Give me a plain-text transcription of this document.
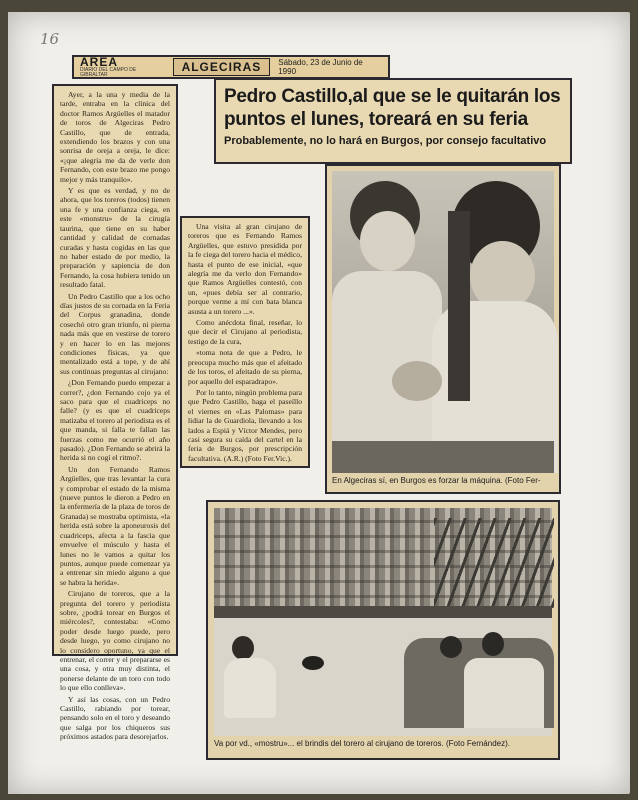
16
AREA
DIARIO DEL CAMPO DE GIBRALTAR
ALGECIRAS	Sábado, 23 de Junio de 1990
Pedro Castillo,al que se le quitarán los puntos el lunes, toreará en su feria
Probablemente, no lo hará en Burgos, por consejo facultativo

Ayer, a la una y media de la tarde, entraba en la clínica del doctor Ramos Argüelles el matador de toros de Algeciras Pedro Castillo, que de entrada, extendiendo los brazos y con una sonrisa de oreja a oreja, le dice: «¡que alegría me da de verle don Fernando, con este brazo me pongo mejor y más tranquilo».

Y es que es verdad, y no de ahora, que los toreros (todos) tienen una fe y una confianza ciega, en este «monstru» de la cirugía taurina, que tiene en su haber cantidad y calidad de cornadas curadas y hasta cogidas en las que no haber estado de por medio, la preparación y sapiencia de don Fernando, la cosa hubiera tenido un resultado fatal.

Un Pedro Castillo que a los ocho días justos de su cornada en la Feria del Corpus granadina, donde cosechó otro gran triunfo, ni pierna nada más que en vestirse de torero y en hacer lo en las mejores condiciones físicas, ya que mentalizado está a tope, y de ahí sus continuas preguntas al cirujano:

¿Don Fernando puedo empezar a correr?, ¿don Fernando cojo ya el saco para que el cuadriceps no falle? (y es que el cuadriceps matizaba el torero al periodista es el que manda, si falla te fallan las fuerzas como me ocurrió el año pasado). ¿Don Fernando se abrirá la herida si no cogí el ritmo?.

Un don Fernando Ramos Argüelles, que tras levantar la cura y comprobar el estado de la misma (nueve puntos le dieron a Pedro en la enfermería de la plaza de toros de Granada) se mostraba optimista, «la herida está sobre la aponeurosis del cuadriceps, afecta a la fascia que envuelve el músculo y hasta el lunes no le vamos a quitar los puntos, aunque puede comenzar ya a entrenar sin miedo alguno a que se habra la herida».

Cirujano de toreros, que a la pregunta del torero y periodista sobre, ¿podrá torear en Burgos el miércoles?, contestaba: «Como poder desde luego puede, pero desde luego, yo como cirujano no lo considero oportuno, ya que el entrenar, el correr y el prepararse es una cosa, y otra muy distinta, el ponerse delante de un toro con todo lo que ello conlleva».

Y así las cosas, con un Pedro Castillo, rabiando por torear, pensando solo en el toro y deseando que salga por los chiqueros sus próximos astados para desorejarlos.

Una visita al gran cirujano de toreros que es Fernando Ramos Argüelles, que estuvo presidida por la fe ciega del torero hacia el médico, hasta el punto de ese inicial, «que alegría me da verlo don Fernando» que Ramos Argüelles contestó, con un, «pues debía ser al contrario, porque verme a mí con bata blanca asusta a un torero ...».

Como anécdota final, reseñar, lo que decir el Cirujano al periodista, testigo de la cura,

«toma nota de que a Pedro, le preocupa mucho más que el afeitado de los toros, el afeitado de su pierna, por aquello del esparadrapo».

Por lo tanto, ningún problema para que Pedro Castillo, haga el paseíllo el viernes en «Las Palomas» para lidiar la de Guardiola, llevando a los lados a Espiá y Víctor Mendes, pero casi segura su caída del cartel en la feria de Burgos, por prescripción facultativa. (A.R.) (Foto Fer.Vic.).

En Algeciras sí, en Burgos es forzar la máquina. (Foto Fer-
Va por vd., «mostru»... el brindis del torero al cirujano de toreros. (Foto Fernández).
